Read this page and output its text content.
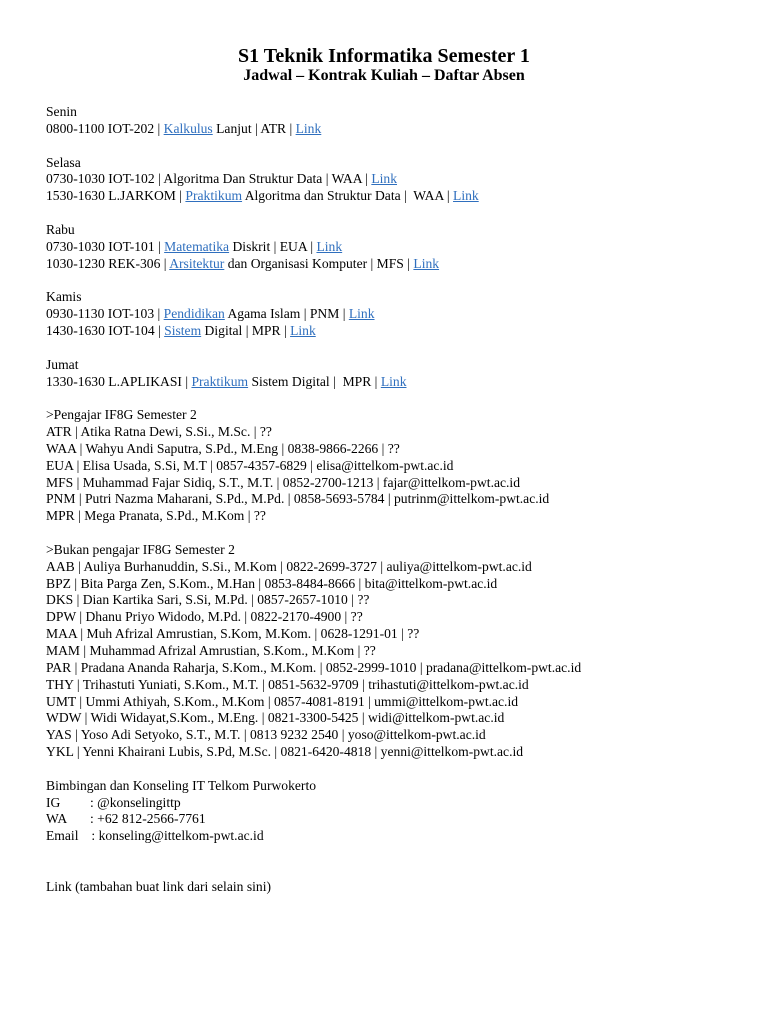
S1 Teknik Informatika Semester 1
Jadwal – Kontrak Kuliah – Daftar Absen
Senin
0800-1100 IOT-202 | Kalkulus Lanjut | ATR | Link
Selasa
0730-1030 IOT-102 | Algoritma Dan Struktur Data | WAA | Link
1530-1630 L.JARKOM | Praktikum Algoritma dan Struktur Data |  WAA | Link
Rabu
0730-1030 IOT-101 | Matematika Diskrit | EUA | Link
1030-1230 REK-306 | Arsitektur dan Organisasi Komputer | MFS | Link
Kamis
0930-1130 IOT-103 | Pendidikan Agama Islam | PNM | Link
1430-1630 IOT-104 | Sistem Digital | MPR | Link
Jumat
1330-1630 L.APLIKASI | Praktikum Sistem Digital |  MPR | Link
>Pengajar IF8G Semester 2
ATR | Atika Ratna Dewi, S.Si., M.Sc. | ??
WAA | Wahyu Andi Saputra, S.Pd., M.Eng | 0838-9866-2266 | ??
EUA | Elisa Usada, S.Si, M.T | 0857-4357-6829 | elisa@ittelkom-pwt.ac.id
MFS | Muhammad Fajar Sidiq, S.T., M.T. | 0852-2700-1213 | fajar@ittelkom-pwt.ac.id
PNM | Putri Nazma Maharani, S.Pd., M.Pd. | 0858-5693-5784 | putrinm@ittelkom-pwt.ac.id
MPR | Mega Pranata, S.Pd., M.Kom | ??
>Bukan pengajar IF8G Semester 2
AAB | Auliya Burhanuddin, S.Si., M.Kom | 0822-2699-3727 | auliya@ittelkom-pwt.ac.id
BPZ | Bita Parga Zen, S.Kom., M.Han | 0853-8484-8666 | bita@ittelkom-pwt.ac.id
DKS | Dian Kartika Sari, S.Si, M.Pd. | 0857-2657-1010 | ??
DPW | Dhanu Priyo Widodo, M.Pd. | 0822-2170-4900 | ??
MAA | Muh Afrizal Amrustian, S.Kom, M.Kom. | 0628-1291-01 | ??
MAM | Muhammad Afrizal Amrustian, S.Kom., M.Kom | ??
PAR | Pradana Ananda Raharja, S.Kom., M.Kom. | 0852-2999-1010 | pradana@ittelkom-pwt.ac.id
THY | Trihastuti Yuniati, S.Kom., M.T. | 0851-5632-9709 | trihastuti@ittelkom-pwt.ac.id
UMT | Ummi Athiyah, S.Kom., M.Kom | 0857-4081-8191 | ummi@ittelkom-pwt.ac.id
WDW | Widi Widayat,S.Kom., M.Eng. | 0821-3300-5425 | widi@ittelkom-pwt.ac.id
YAS | Yoso Adi Setyoko, S.T., M.T. | 0813 9232 2540 | yoso@ittelkom-pwt.ac.id
YKL | Yenni Khairani Lubis, S.Pd, M.Sc. | 0821-6420-4818 | yenni@ittelkom-pwt.ac.id
Bimbingan dan Konseling IT Telkom Purwokerto
IG : @konselingittp
WA : +62 812-2566-7761
Email : konseling@ittelkom-pwt.ac.id
Link (tambahan buat link dari selain sini)
